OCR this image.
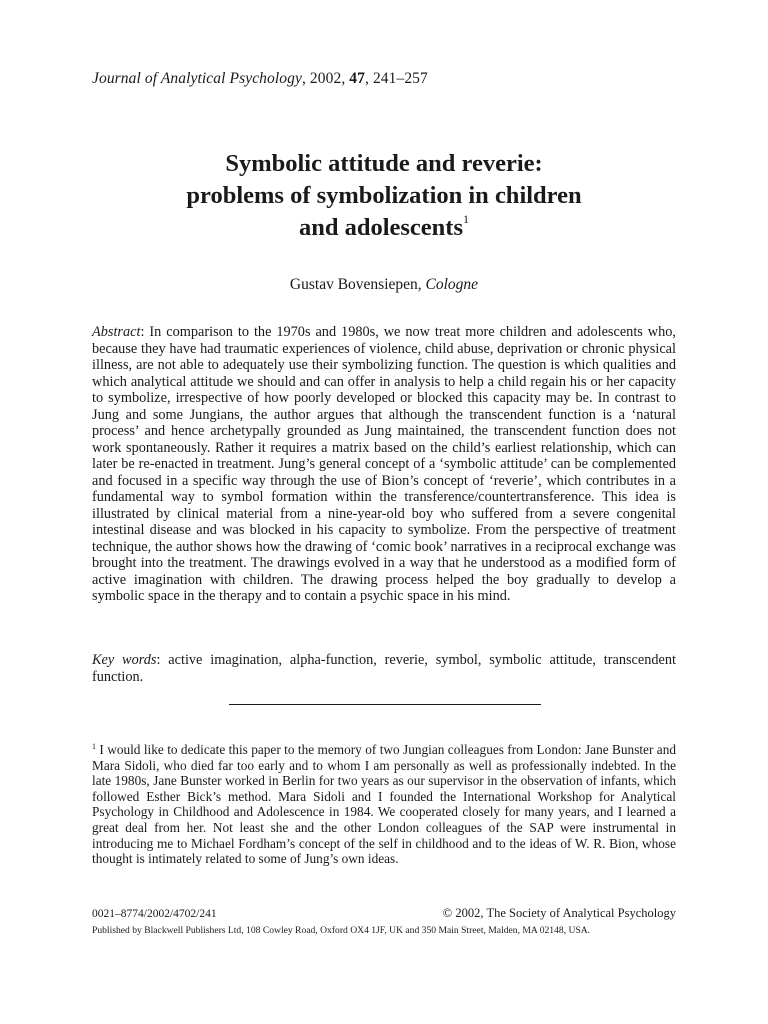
Journal of Analytical Psychology, 2002, 47, 241–257
Symbolic attitude and reverie:
problems of symbolization in children
and adolescents$^1$
Gustav Bovensiepen, Cologne

Abstract: In comparison to the 1970s and 1980s, we now treat more children and adolescents who, because they have had traumatic experiences of violence, child abuse, deprivation or chronic physical illness, are not able to adequately use their symbolizing function. The question is which qualities and which analytical attitude we should and can offer in analysis to help a child regain his or her capacity to symbolize, irrespective of how poorly developed or blocked this capacity may be. In contrast to Jung and some Jungians, the author argues that although the transcendent function is a ‘natural process’ and hence archetypally grounded as Jung maintained, the transcendent function does not work spontaneously. Rather it requires a matrix based on the child’s earliest relationship, which can later be re-enacted in treatment. Jung’s general concept of a ‘symbolic attitude’ can be complemented and focused in a specific way through the use of Bion’s concept of ‘reverie’, which contributes in a fundamental way to symbol formation within the transference/countertransference. This idea is illustrated by clinical material from a nine-year-old boy who suffered from a severe congenital intestinal disease and was blocked in his capacity to symbolize. From the perspective of treatment technique, the author shows how the drawing of ‘comic book’ narratives in a reciprocal exchange was brought into the treatment. The drawings evolved in a way that he understood as a modified form of active imagination with children. The drawing process helped the boy gradually to develop a symbolic space in the therapy and to contain a psychic space in his mind.

Key words: active imagination, alpha-function, reverie, symbol, symbolic attitude, transcendent function.
$^1$ I would like to dedicate this paper to the memory of two Jungian colleagues from London: Jane Bunster and Mara Sidoli, who died far too early and to whom I am personally as well as professionally indebted. In the late 1980s, Jane Bunster worked in Berlin for two years as our supervisor in the observation of infants, which followed Esther Bick’s method. Mara Sidoli and I founded the International Workshop for Analytical Psychology in Childhood and Adolescence in 1984. We cooperated closely for many years, and I learned a great deal from her. Not least she and the other London colleagues of the SAP were instrumental in introducing me to Michael Fordham’s concept of the self in childhood and to the ideas of W. R. Bion, whose thought is intimately related to some of Jung’s own ideas.
0021–8774/2002/4702/241	© 2002, The Society of Analytical Psychology
Published by Blackwell Publishers Ltd, 108 Cowley Road, Oxford OX4 1JF, UK and 350 Main Street, Malden, MA 02148, USA.
